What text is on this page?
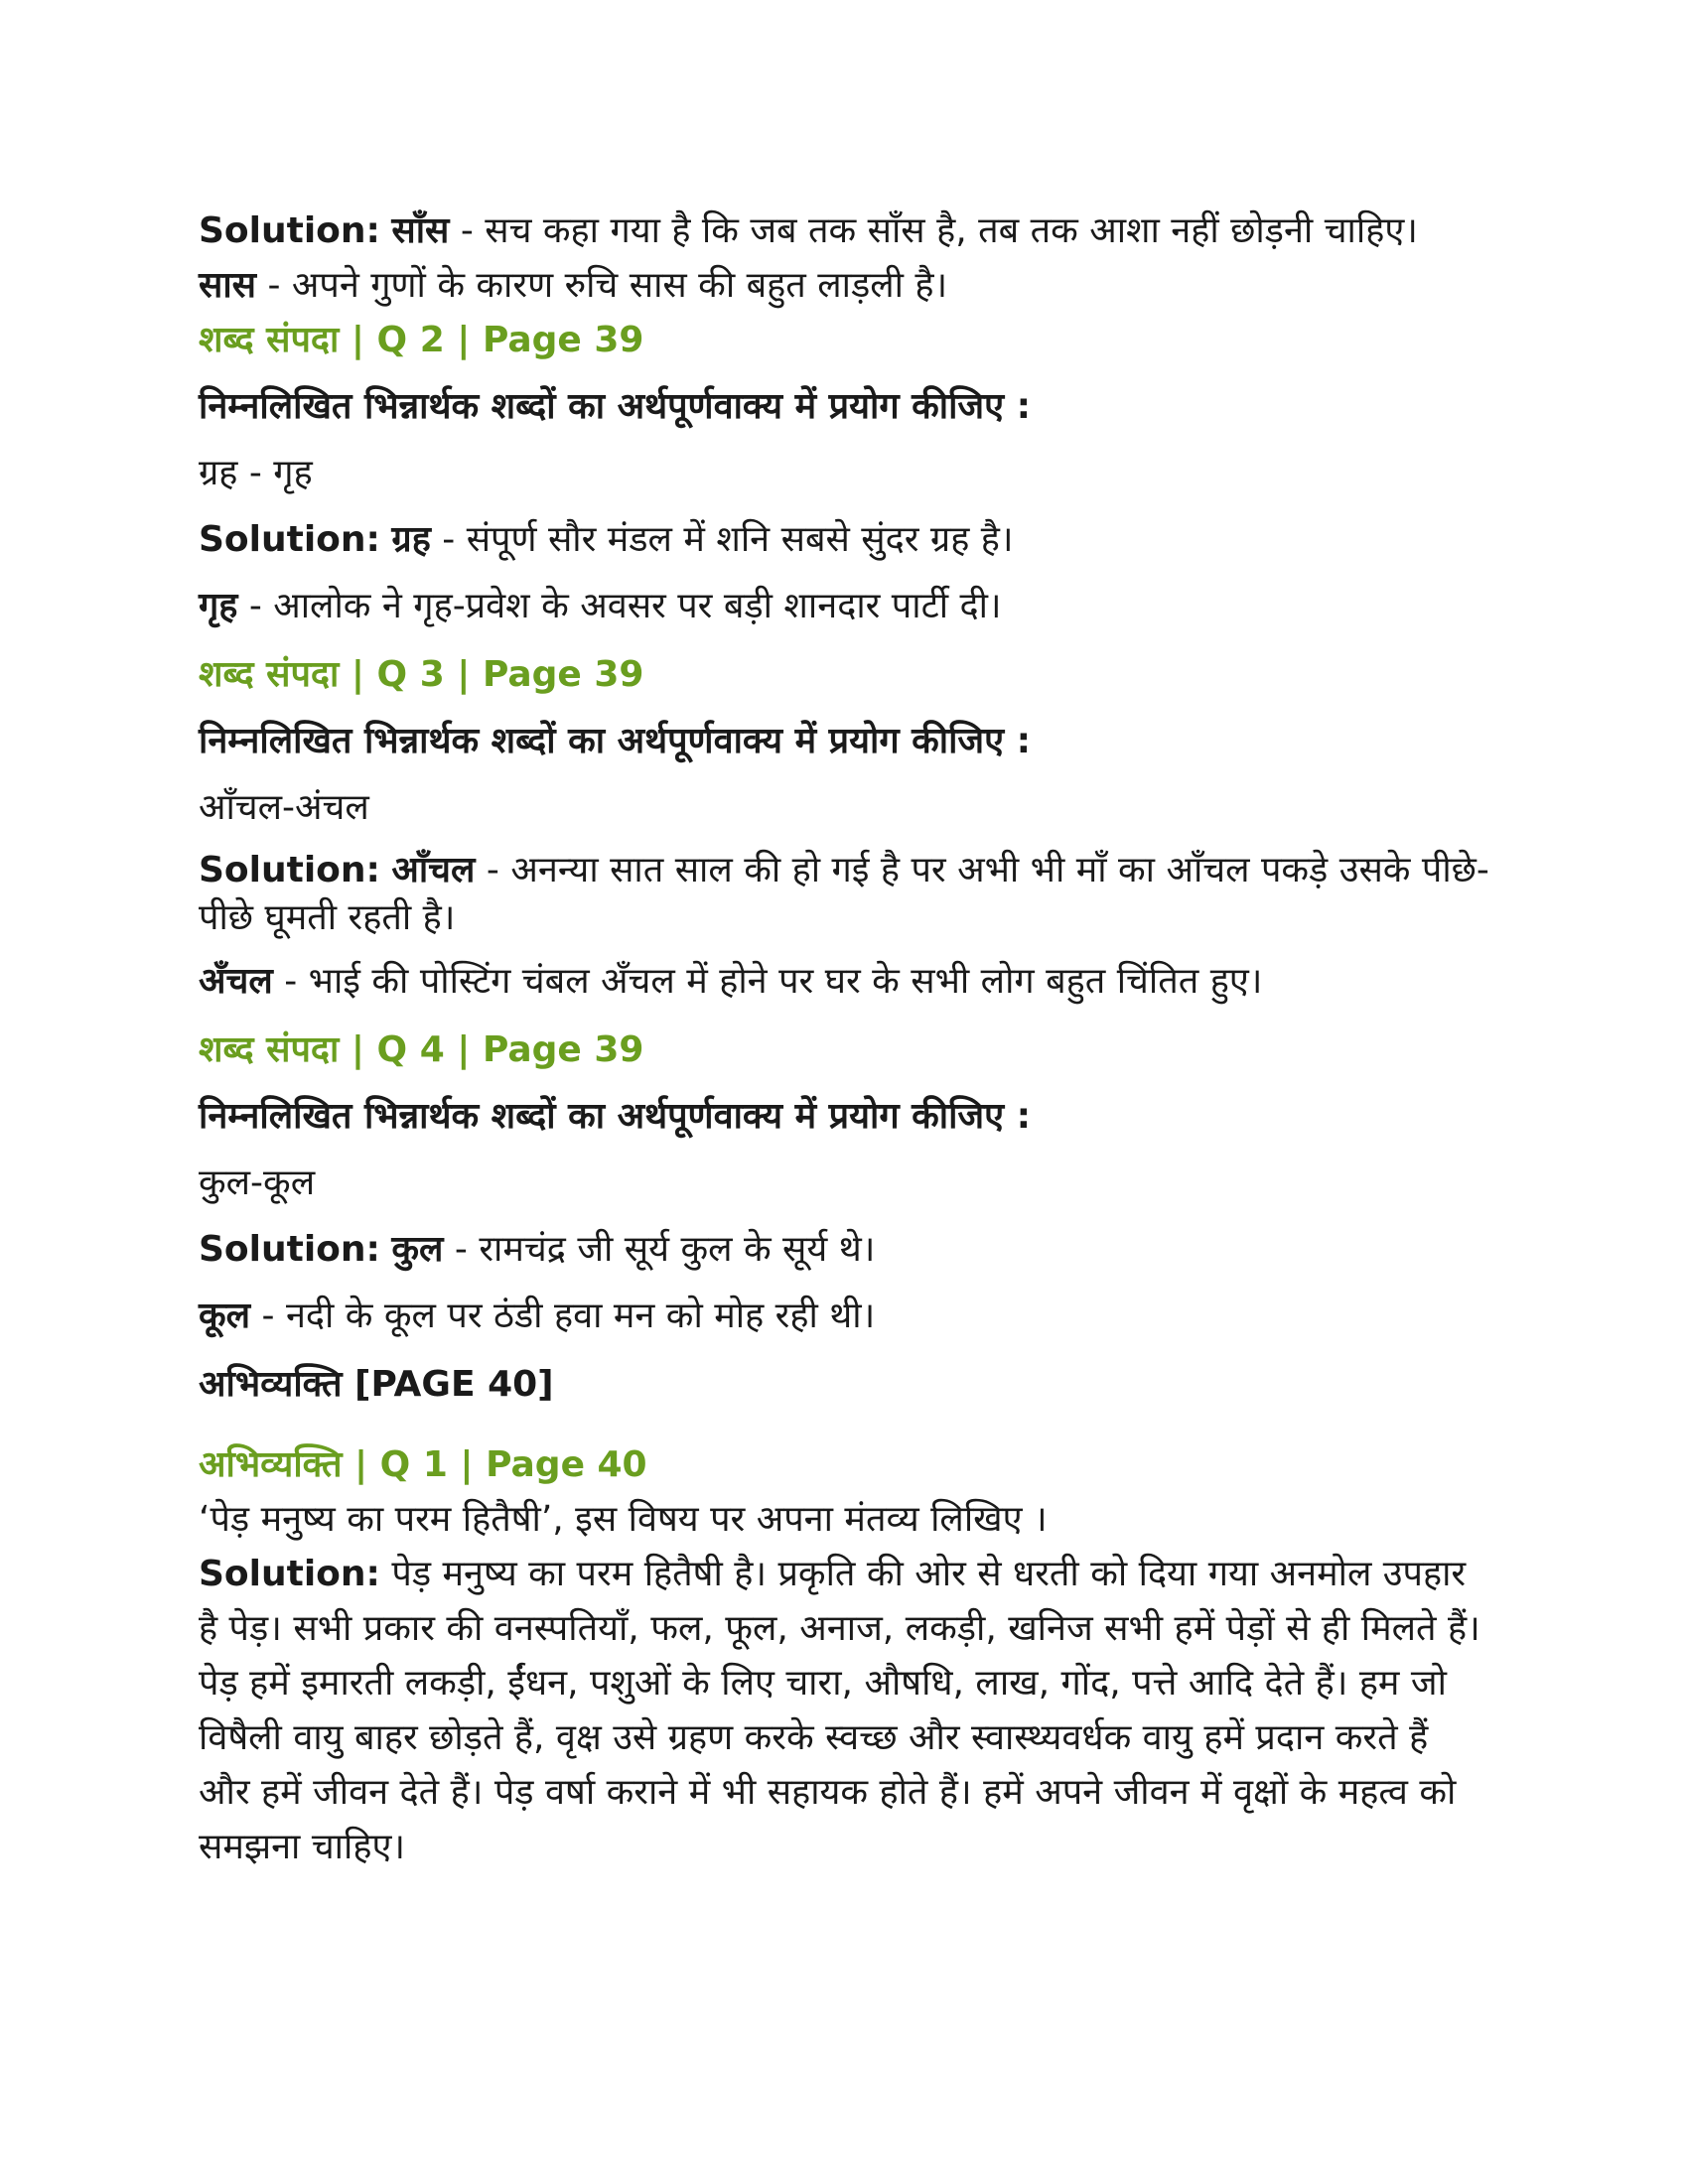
Solution: साँस - सच कहा गया है कि जब तक साँस है, तब तक आशा नहीं छोड़नी चाहिए।

सास - अपने गुणों के कारण रुचि सास की बहुत लाड़ली है।

शब्द संपदा | Q 2 | Page 39

निम्नलिखित भिन्नार्थक शब्दों का अर्थपूर्णवाक्य में प्रयोग कीजिए :

ग्रह - गृह

Solution: ग्रह - संपूर्ण सौर मंडल में शनि सबसे सुंदर ग्रह है।

गृह - आलोक ने गृह-प्रवेश के अवसर पर बड़ी शानदार पार्टी दी।

शब्द संपदा | Q 3 | Page 39

निम्नलिखित भिन्नार्थक शब्दों का अर्थपूर्णवाक्य में प्रयोग कीजिए :

आँचल-अंचल

Solution: आँचल - अनन्या सात साल की हो गई है पर अभी भी माँ का आँचल पकड़े उसके पीछे-पीछे घूमती रहती है।

अँचल - भाई की पोस्टिंग चंबल अँचल में होने पर घर के सभी लोग बहुत चिंतित हुए।

शब्द संपदा | Q 4 | Page 39

निम्नलिखित भिन्नार्थक शब्दों का अर्थपूर्णवाक्य में प्रयोग कीजिए :

कुल-कूल

Solution: कुल - रामचंद्र जी सूर्य कुल के सूर्य थे।

कूल - नदी के कूल पर ठंडी हवा मन को मोह रही थी।

अभिव्यक्ति [PAGE 40]

अभिव्यक्ति | Q 1 | Page 40

‘पेड़ मनुष्य का परम हितैषी’, इस विषय पर अपना मंतव्य लिखिए ।

Solution: पेड़ मनुष्य का परम हितैषी है। प्रकृति की ओर से धरती को दिया गया अनमोल उपहार है पेड़। सभी प्रकार की वनस्पतियाँ, फल, फूल, अनाज, लकड़ी, खनिज सभी हमें पेड़ों से ही मिलते हैं। पेड़ हमें इमारती लकड़ी, ईंधन, पशुओं के लिए चारा, औषधि, लाख, गोंद, पत्ते आदि देते हैं। हम जो विषैली वायु बाहर छोड़ते हैं, वृक्ष उसे ग्रहण करके स्वच्छ और स्वास्थ्यवर्धक वायु हमें प्रदान करते हैं और हमें जीवन देते हैं। पेड़ वर्षा कराने में भी सहायक होते हैं। हमें अपने जीवन में वृक्षों के महत्व को समझना चाहिए।
